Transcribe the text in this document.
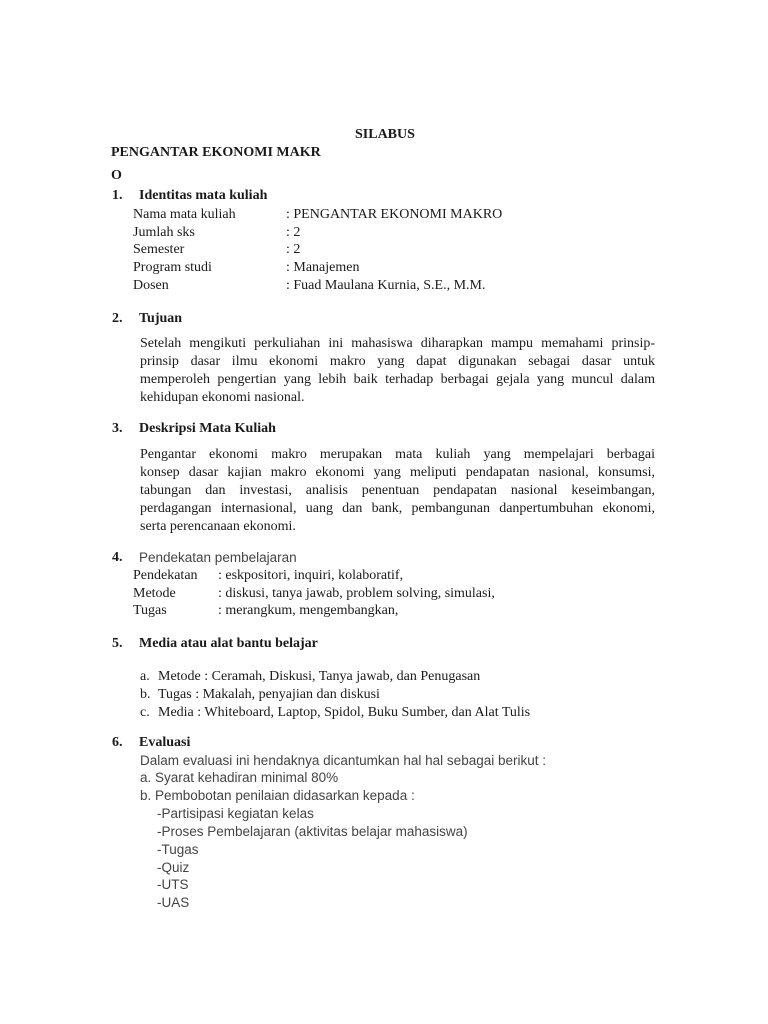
SILABUS
PENGANTAR EKONOMI MAKR
O
1. Identitas mata kuliah
Nama mata kuliah	: PENGANTAR EKONOMI MAKRO
Jumlah sks	: 2
Semester	: 2
Program studi	: Manajemen
Dosen	: Fuad Maulana Kurnia, S.E., M.M.
2. Tujuan

Setelah mengikuti perkuliahan ini mahasiswa diharapkan mampu memahami prinsip-
prinsip dasar ilmu ekonomi makro yang dapat digunakan sebagai dasar untuk
memperoleh pengertian yang lebih baik terhadap berbagai gejala yang muncul dalam
kehidupan ekonomi nasional.

3. Deskripsi Mata Kuliah

Pengantar ekonomi makro merupakan mata kuliah yang mempelajari berbagai
konsep dasar kajian makro ekonomi yang meliputi pendapatan nasional, konsumsi,
tabungan dan investasi, analisis penentuan pendapatan nasional keseimbangan,
perdagangan internasional, uang dan bank, pembangunan danpertumbuhan ekonomi,
serta perencanaan ekonomi.

4. Pendekatan pembelajaran
Pendekatan : eskpositori, inquiri, kolaboratif,
Metode	: diskusi, tanya jawab, problem solving, simulasi,
Tugas	: merangkum, mengembangkan,
5. Media atau alat bantu belajar
a. Metode : Ceramah, Diskusi, Tanya jawab, dan Penugasan
b. Tugas : Makalah, penyajian dan diskusi
c. Media : Whiteboard, Laptop, Spidol, Buku Sumber, dan Alat Tulis
6. Evaluasi
Dalam evaluasi ini hendaknya dicantumkan hal hal sebagai berikut :
a. Syarat kehadiran minimal 80%
b. Pembobotan penilaian didasarkan kepada :
-Partisipasi kegiatan kelas
-Proses Pembelajaran (aktivitas belajar mahasiswa)
-Tugas
-Quiz
-UTS
-UAS
